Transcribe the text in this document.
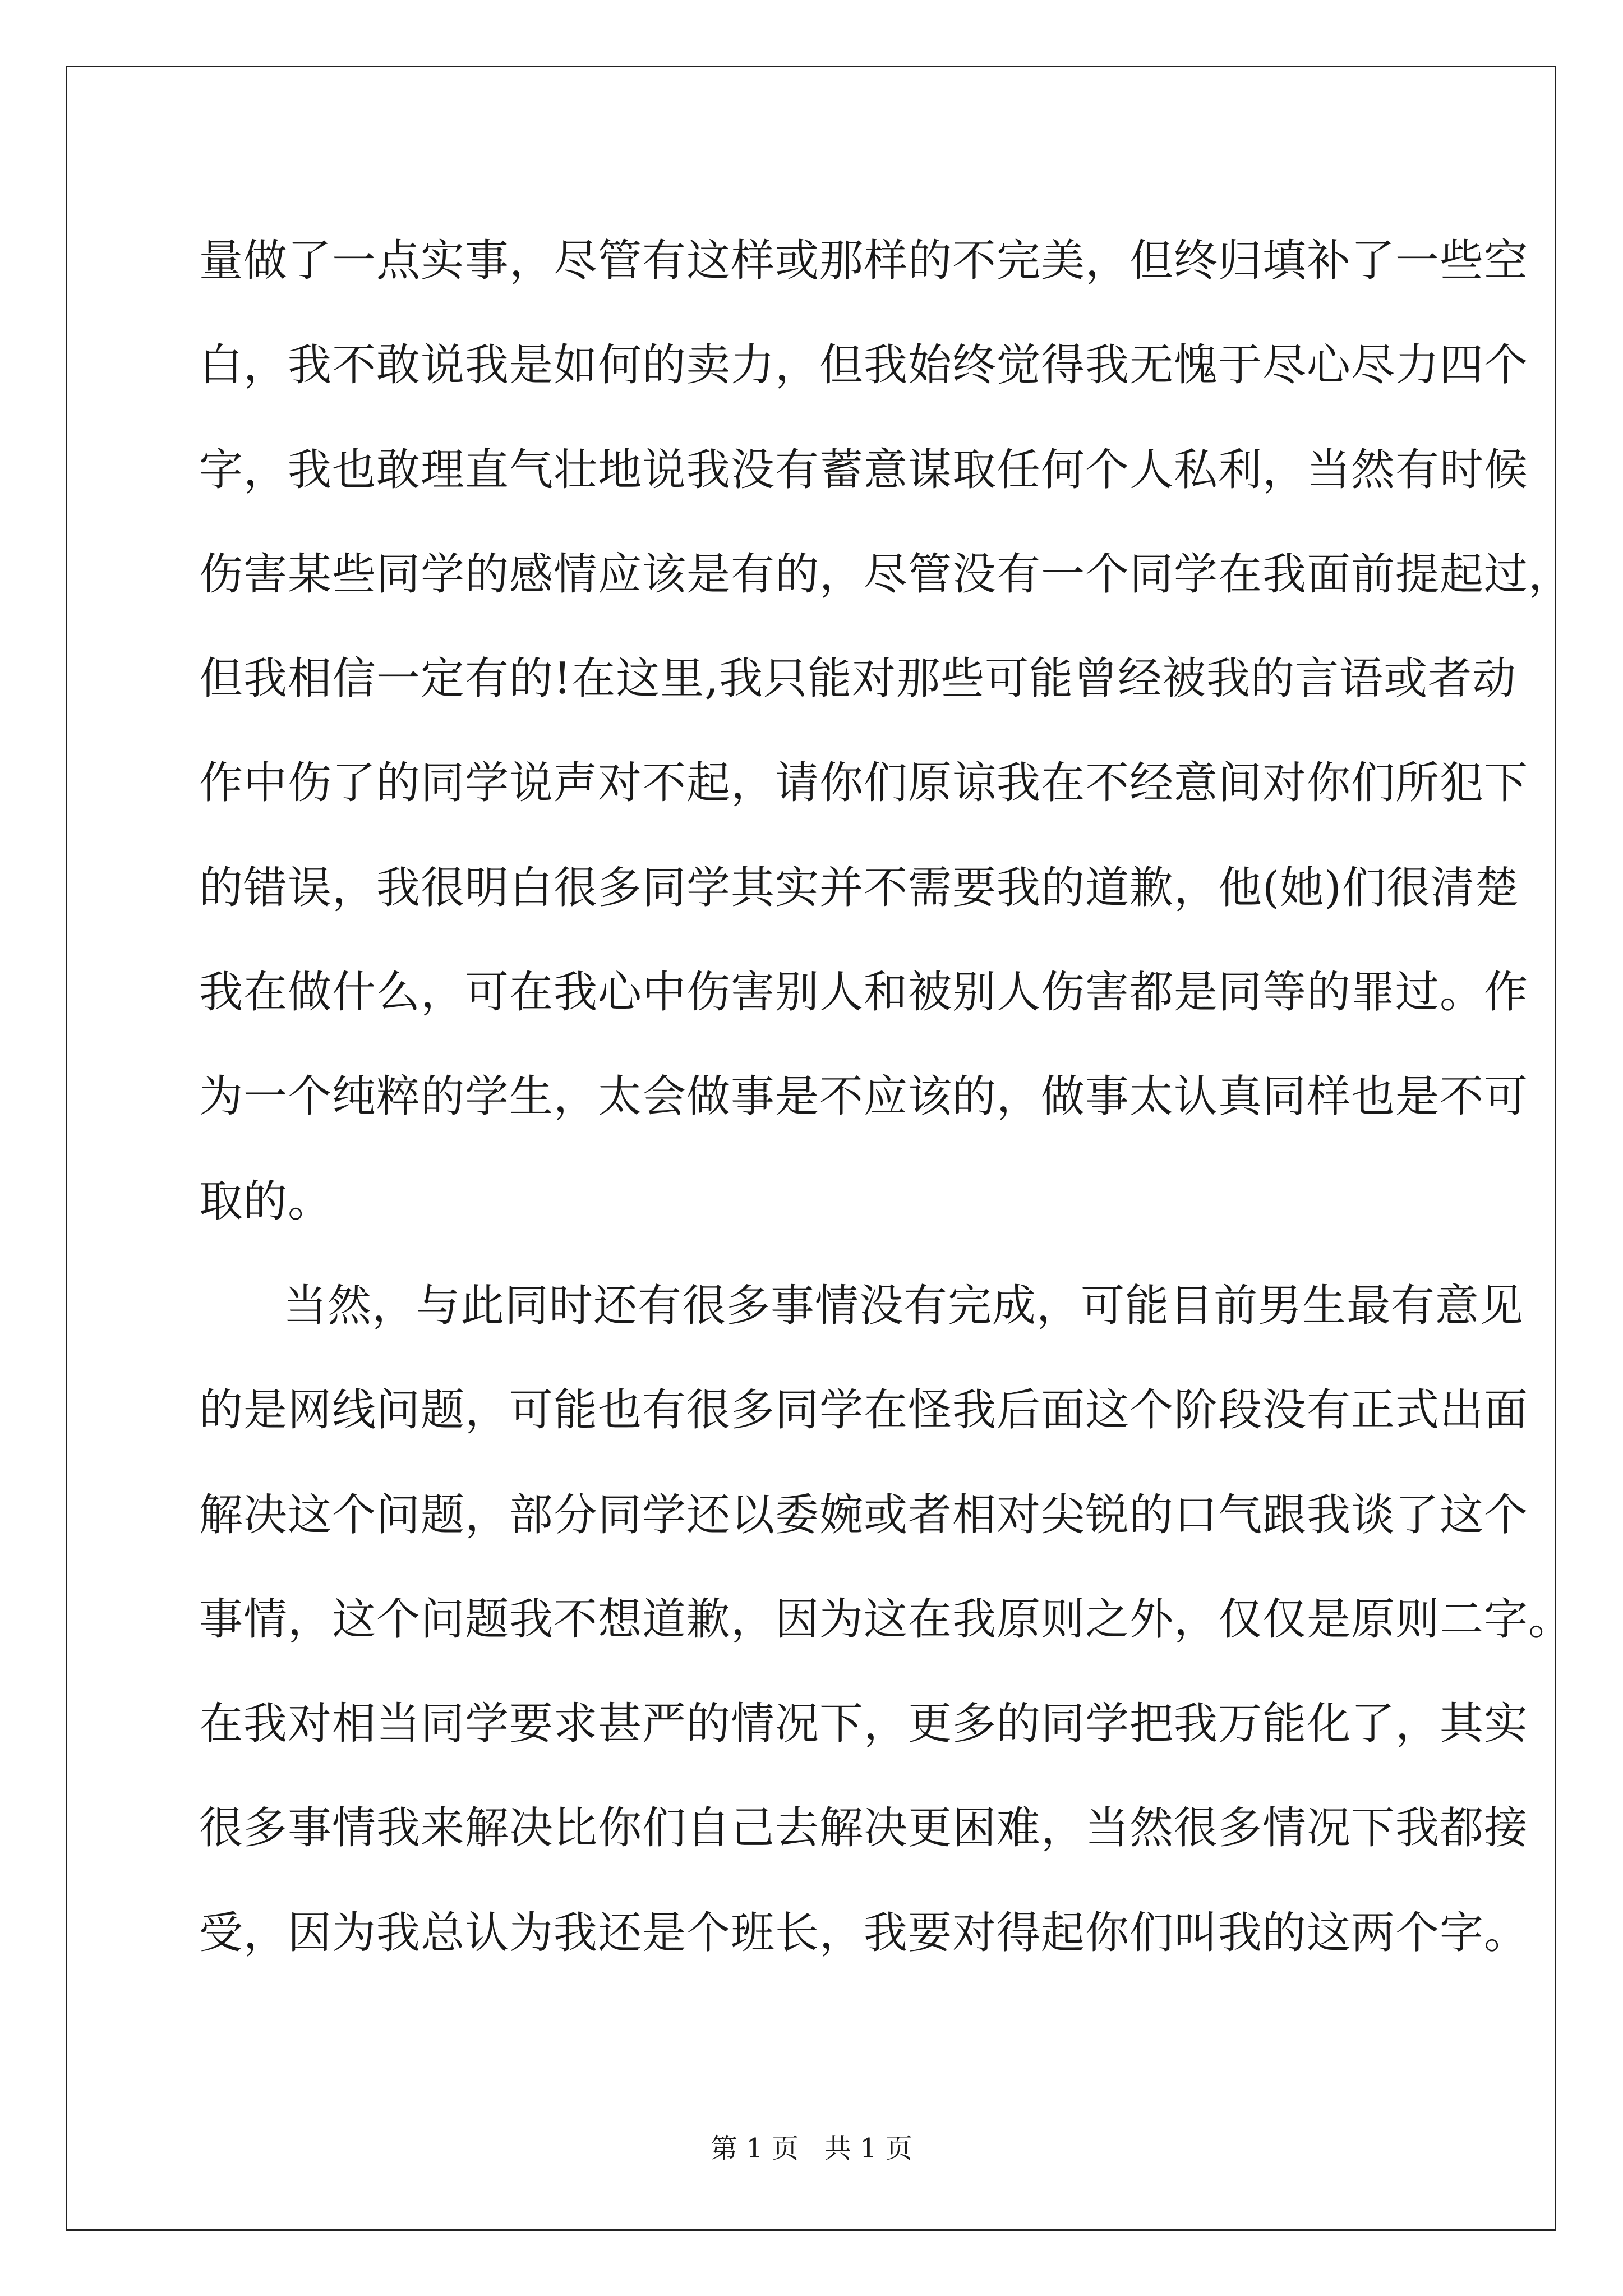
量做了一点实事，尽管有这样或那样的不完美，但终归填补了一些空
白，我不敢说我是如何的卖力，但我始终觉得我无愧于尽心尽力四个
字，我也敢理直气壮地说我没有蓄意谋取任何个人私利，当然有时候
伤害某些同学的感情应该是有的，尽管没有一个同学在我面前提起过，
但我相信一定有的!在这里,我只能对那些可能曾经被我的言语或者动
作中伤了的同学说声对不起，请你们原谅我在不经意间对你们所犯下
的错误，我很明白很多同学其实并不需要我的道歉，他(她)们很清楚
我在做什么，可在我心中伤害别人和被别人伤害都是同等的罪过。作
为一个纯粹的学生，太会做事是不应该的，做事太认真同样也是不可
取的。
当然，与此同时还有很多事情没有完成，可能目前男生最有意见
的是网线问题，可能也有很多同学在怪我后面这个阶段没有正式出面
解决这个问题，部分同学还以委婉或者相对尖锐的口气跟我谈了这个
事情，这个问题我不想道歉，因为这在我原则之外，仅仅是原则二字。
在我对相当同学要求甚严的情况下，更多的同学把我万能化了，其实
很多事情我来解决比你们自己去解决更困难，当然很多情况下我都接
受，因为我总认为我还是个班长，我要对得起你们叫我的这两个字。
第 1 页   共 1 页
